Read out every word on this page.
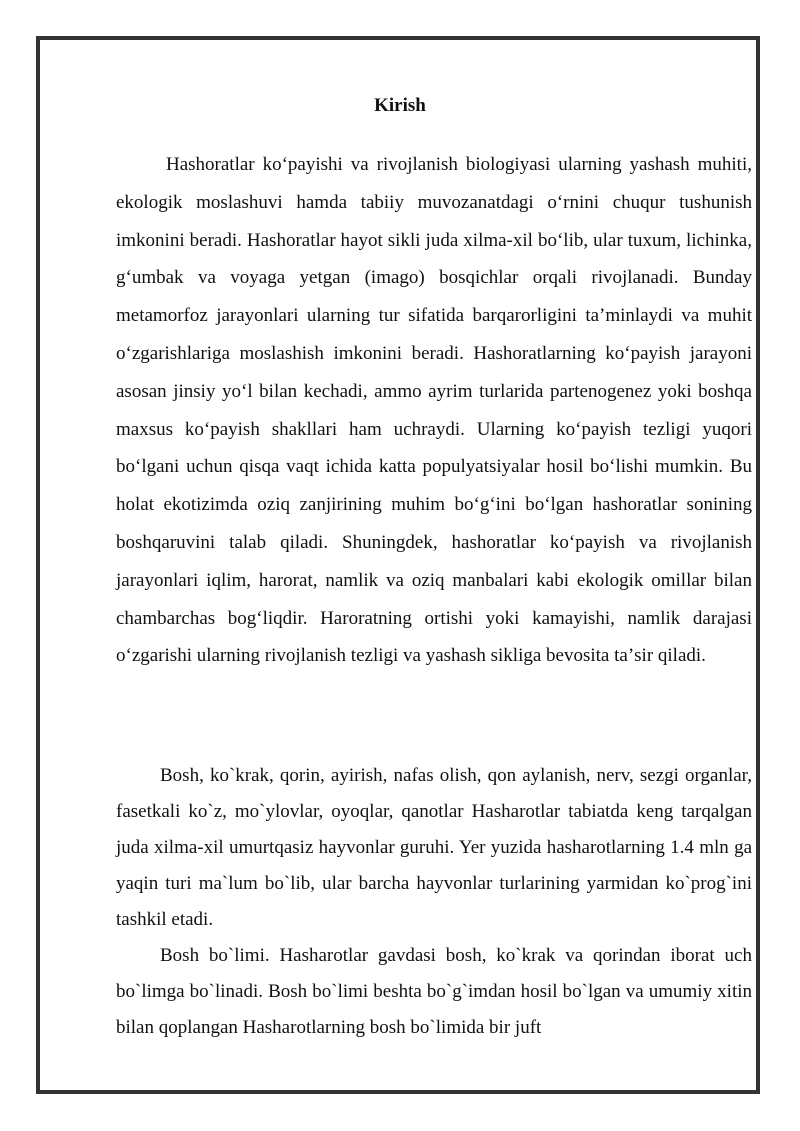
Kirish

Hashoratlar koʻpayishi va rivojlanish biologiyasi ularning yashash muhiti, ekologik moslashuvi hamda tabiiy muvozanatdagi oʻrnini chuqur tushunish imkonini beradi. Hashoratlar hayot sikli juda xilma-xil boʻlib, ular tuxum, lichinka, gʻumbak va voyaga yetgan (imago) bosqichlar orqali rivojlanadi. Bunday metamorfoz jarayonlari ularning tur sifatida barqarorligini taʼminlaydi va muhit oʻzgarishlariga moslashish imkonini beradi. Hashoratlarning koʻpayish jarayoni asosan jinsiy yoʻl bilan kechadi, ammo ayrim turlarida partenogenez yoki boshqa maxsus koʻpayish shakllari ham uchraydi. Ularning koʻpayish tezligi yuqori boʻlgani uchun qisqa vaqt ichida katta populyatsiyalar hosil boʻlishi mumkin. Bu holat ekotizimda oziq zanjirining muhim boʻgʻini boʻlgan hashoratlar sonining boshqaruvini talab qiladi. Shuningdek, hashoratlar koʻpayish va rivojlanish jarayonlari iqlim, harorat, namlik va oziq manbalari kabi ekologik omillar bilan chambarchas bogʻliqdir. Haroratning ortishi yoki kamayishi, namlik darajasi oʻzgarishi ularning rivojlanish tezligi va yashash sikliga bevosita taʼsir qiladi.

Bosh, ko`krak, qorin, ayirish, nafas olish, qon aylanish, nerv, sezgi organlar, fasetkali ko`z, mo`ylovlar, oyoqlar, qanotlar Hasharotlar tabiatda keng tarqalgan juda xilma-xil umurtqasiz hayvonlar guruhi. Yer yuzida hasharotlarning 1.4 mln ga yaqin turi ma`lum bo`lib, ular barcha hayvonlar turlarining yarmidan ko`prog`ini tashkil etadi.

Bosh bo`limi. Hasharotlar gavdasi bosh, ko`krak va qorindan iborat uch bo`limga bo`linadi. Bosh bo`limi beshta bo`g`imdan hosil bo`lgan va umumiy xitin bilan qoplangan Hasharotlarning bosh bo`limida bir juft
